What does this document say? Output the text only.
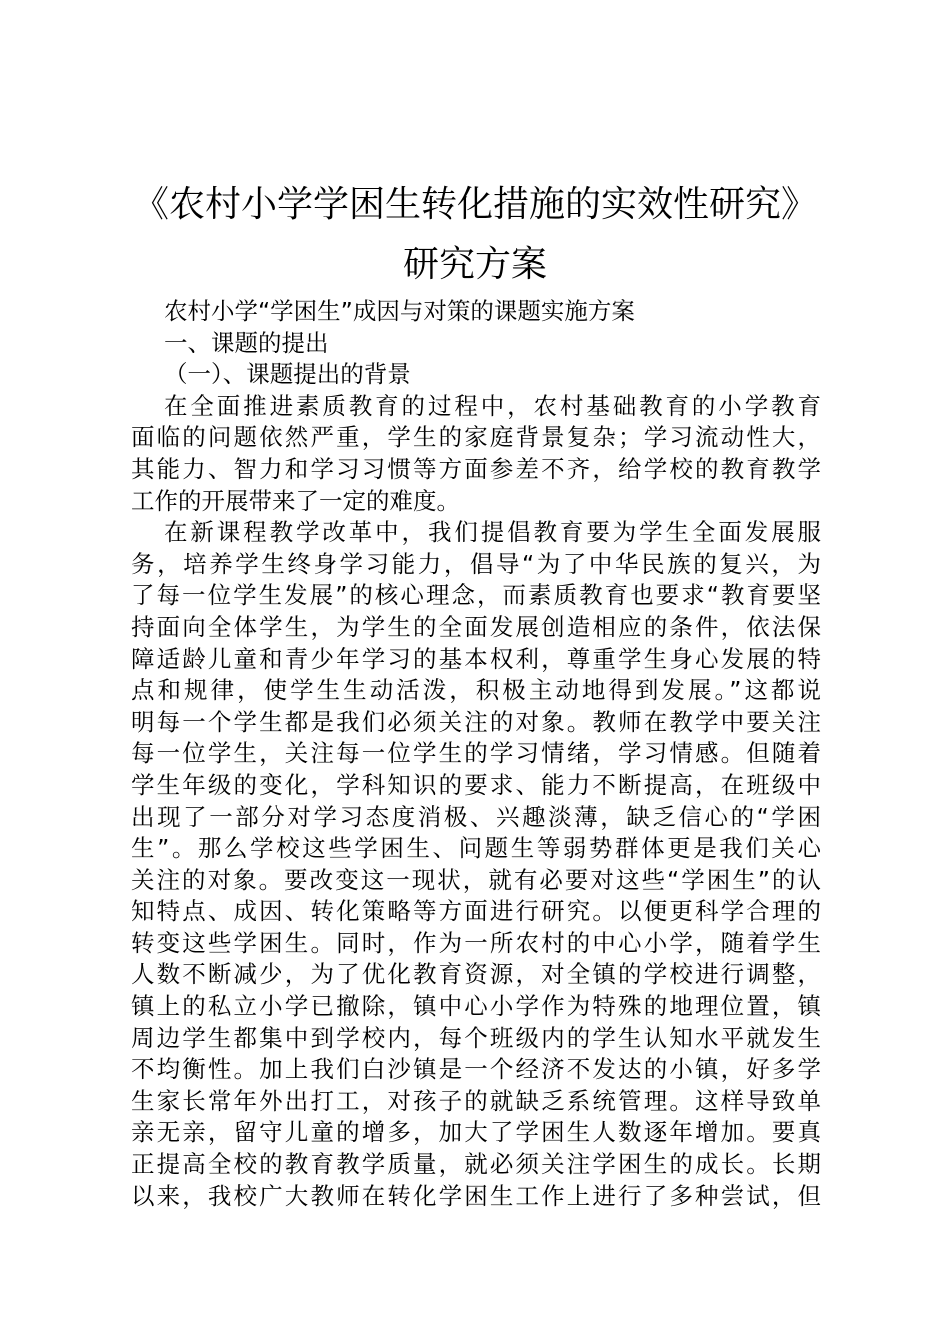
《农村小学学困生转化措施的实效性研究》
研究方案
农村小学“学困生”成因与对策的课题实施方案
一、课题的提出
（一）、课题提出的背景
在全面推进素质教育的过程中，农村基础教育的小学教育
面临的问题依然严重，学生的家庭背景复杂；学习流动性大，
其能力、智力和学习习惯等方面参差不齐，给学校的教育教学
工作的开展带来了一定的难度。
在新课程教学改革中，我们提倡教育要为学生全面发展服
务，培养学生终身学习能力，倡导“为了中华民族的复兴，为
了每一位学生发展”的核心理念，而素质教育也要求“教育要坚
持面向全体学生，为学生的全面发展创造相应的条件，依法保
障适龄儿童和青少年学习的基本权利，尊重学生身心发展的特
点和规律，使学生生动活泼，积极主动地得到发展。”这都说
明每一个学生都是我们必须关注的对象。教师在教学中要关注
每一位学生，关注每一位学生的学习情绪，学习情感。但随着
学生年级的变化，学科知识的要求、能力不断提高，在班级中
出现了一部分对学习态度消极、兴趣淡薄，缺乏信心的“学困
生”。那么学校这些学困生、问题生等弱势群体更是我们关心
关注的对象。要改变这一现状，就有必要对这些“学困生”的认
知特点、成因、转化策略等方面进行研究。以便更科学合理的
转变这些学困生。同时，作为一所农村的中心小学，随着学生
人数不断减少，为了优化教育资源，对全镇的学校进行调整，
镇上的私立小学已撤除，镇中心小学作为特殊的地理位置，镇
周边学生都集中到学校内，每个班级内的学生认知水平就发生
不均衡性。加上我们白沙镇是一个经济不发达的小镇，好多学
生家长常年外出打工，对孩子的就缺乏系统管理。这样导致单
亲无亲，留守儿童的增多，加大了学困生人数逐年增加。要真
正提高全校的教育教学质量，就必须关注学困生的成长。长期
以来，我校广大教师在转化学困生工作上进行了多种尝试，但
